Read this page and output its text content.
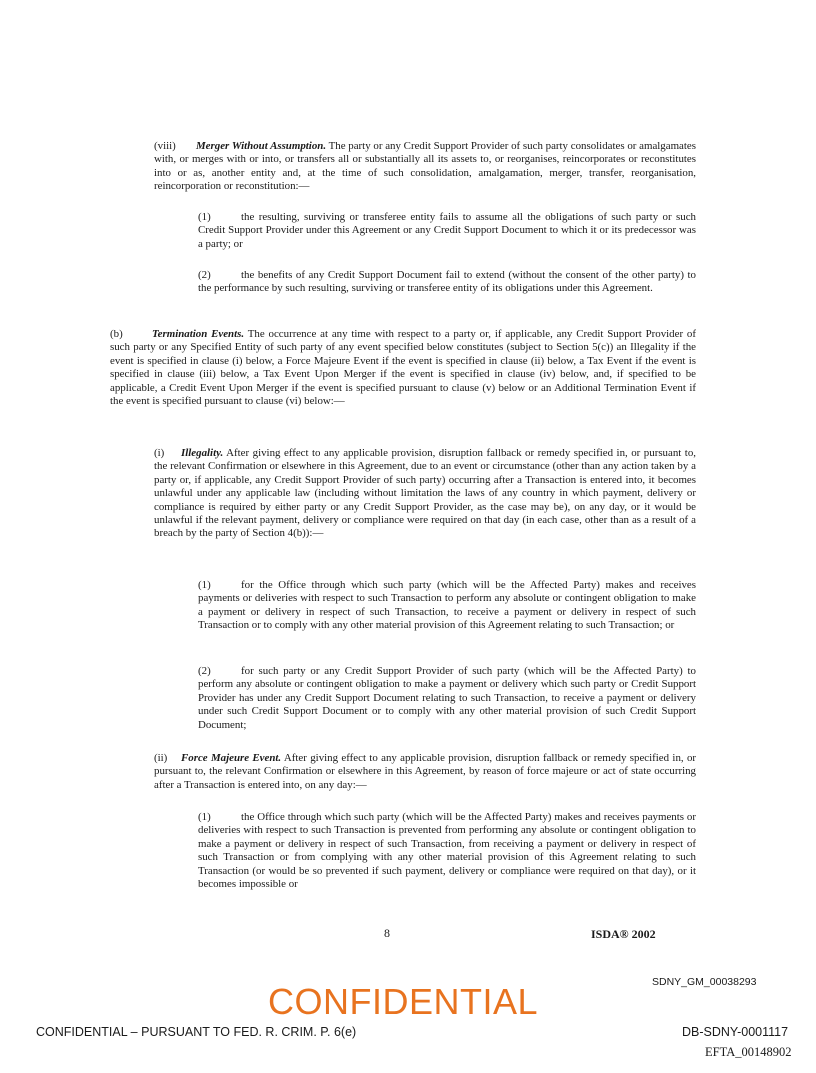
(viii) Merger Without Assumption. The party or any Credit Support Provider of such party consolidates or amalgamates with, or merges with or into, or transfers all or substantially all its assets to, or reorganises, reincorporates or reconstitutes into or as, another entity and, at the time of such consolidation, amalgamation, merger, transfer, reorganisation, reincorporation or reconstitution:—

(1)	the resulting, surviving or transferee entity fails to assume all the obligations of such party or such Credit Support Provider under this Agreement or any Credit Support Document to which it or its predecessor was a party; or

(2)	the benefits of any Credit Support Document fail to extend (without the consent of the other party) to the performance by such resulting, surviving or transferee entity of its obligations under this Agreement.

(b)	Termination Events. The occurrence at any time with respect to a party or, if applicable, any Credit Support Provider of such party or any Specified Entity of such party of any event specified below constitutes (subject to Section 5(c)) an Illegality if the event is specified in clause (i) below, a Force Majeure Event if the event is specified in clause (ii) below, a Tax Event if the event is specified in clause (iii) below, a Tax Event Upon Merger if the event is specified in clause (iv) below, and, if specified to be applicable, a Credit Event Upon Merger if the event is specified pursuant to clause (v) below or an Additional Termination Event if the event is specified pursuant to clause (vi) below:—

(i) Illegality. After giving effect to any applicable provision, disruption fallback or remedy specified in, or pursuant to, the relevant Confirmation or elsewhere in this Agreement, due to an event or circumstance (other than any action taken by a party or, if applicable, any Credit Support Provider of such party) occurring after a Transaction is entered into, it becomes unlawful under any applicable law (including without limitation the laws of any country in which payment, delivery or compliance is required by either party or any Credit Support Provider, as the case may be), on any day, or it would be unlawful if the relevant payment, delivery or compliance were required on that day (in each case, other than as a result of a breach by the party of Section 4(b)):—

(1)	for the Office through which such party (which will be the Affected Party) makes and receives payments or deliveries with respect to such Transaction to perform any absolute or contingent obligation to make a payment or delivery in respect of such Transaction, to receive a payment or delivery in respect of such Transaction or to comply with any other material provision of this Agreement relating to such Transaction; or

(2)	for such party or any Credit Support Provider of such party (which will be the Affected Party) to perform any absolute or contingent obligation to make a payment or delivery which such party or Credit Support Provider has under any Credit Support Document relating to such Transaction, to receive a payment or delivery under such Credit Support Document or to comply with any other material provision of such Credit Support Document;

(ii) Force Majeure Event. After giving effect to any applicable provision, disruption fallback or remedy specified in, or pursuant to, the relevant Confirmation or elsewhere in this Agreement, by reason of force majeure or act of state occurring after a Transaction is entered into, on any day:—

(1)	the Office through which such party (which will be the Affected Party) makes and receives payments or deliveries with respect to such Transaction is prevented from performing any absolute or contingent obligation to make a payment or delivery in respect of such Transaction, from receiving a payment or delivery in respect of such Transaction or from complying with any other material provision of this Agreement relating to such Transaction (or would be so prevented if such payment, delivery or compliance were required on that day), or it becomes impossible or

8	ISDA® 2002
SDNY_GM_00038293
CONFIDENTIAL
CONFIDENTIAL – PURSUANT TO FED. R. CRIM. P. 6(e)	DB-SDNY-0001117
EFTA_00148902
